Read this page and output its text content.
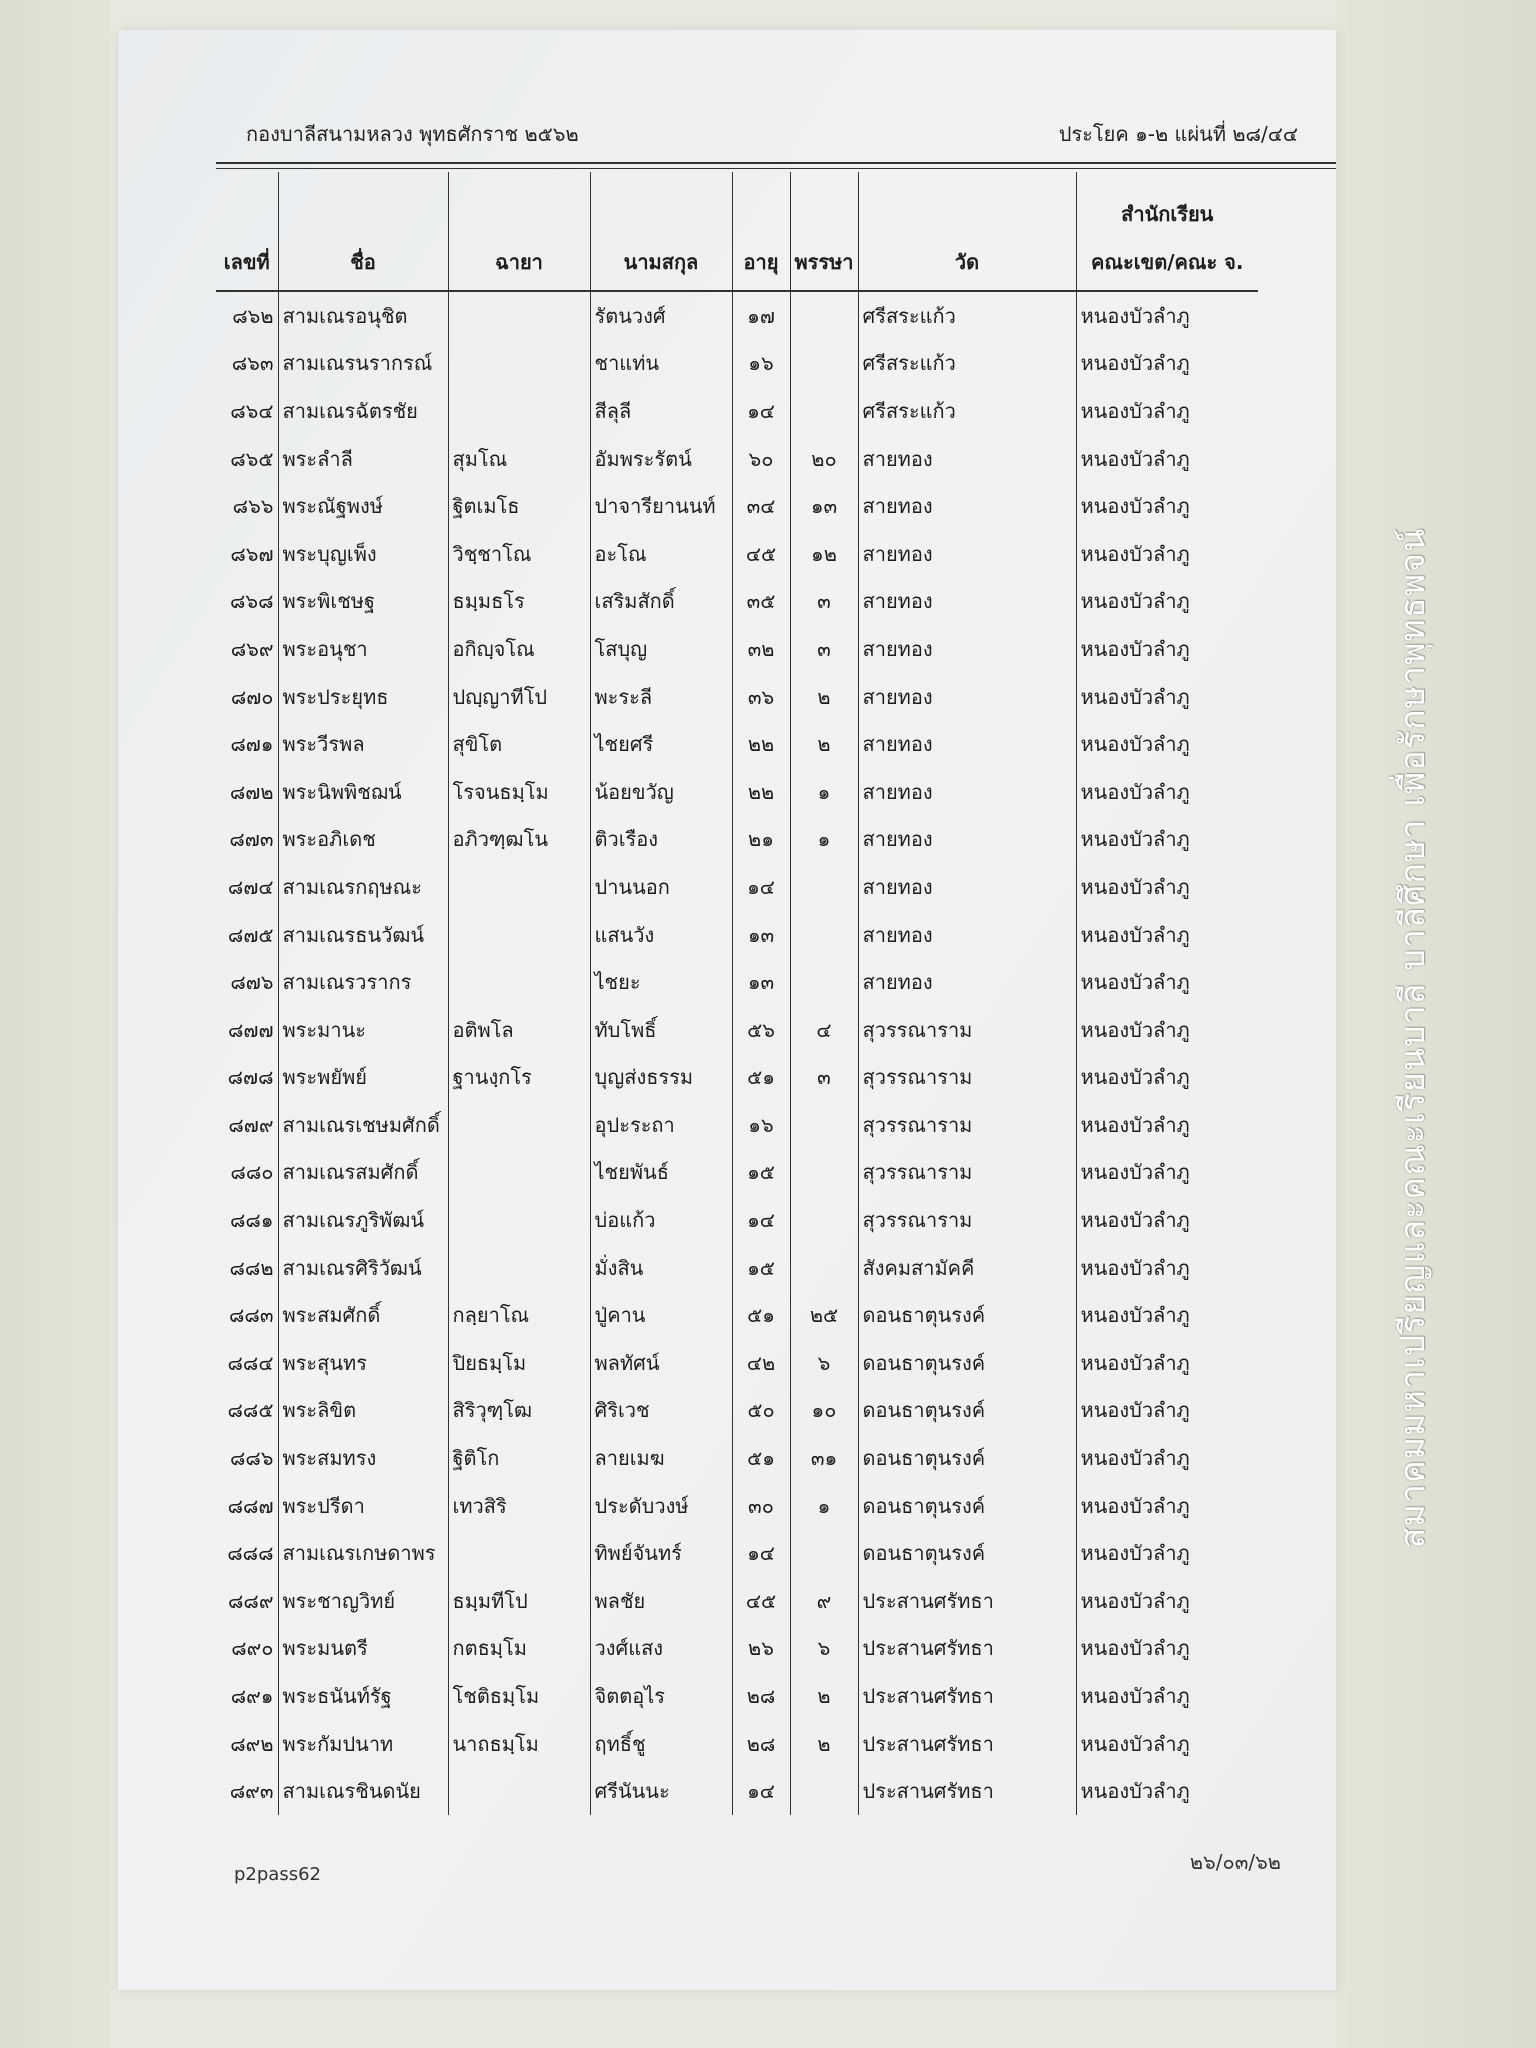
กองบาลีสนามหลวง พุทธศักราช ๒๕๖๒	ประโยค ๑-๒ แผ่นที่ ๒๘/๔๔
เลขที่	ชื่อ	ฉายา	นามสกุล	อายุ	พรรษา	วัด	สำนักเรียน
คณะเขต/คณะ จ.
๘๖๒	สามเณรอนุชิต		รัตนวงศ์	๑๗		ศรีสระแก้ว	หนองบัวลำภู
๘๖๓	สามเณรนรากรณ์		ชาแท่น	๑๖		ศรีสระแก้ว	หนองบัวลำภู
๘๖๔	สามเณรฉัตรชัย		สีลุลี	๑๔		ศรีสระแก้ว	หนองบัวลำภู
๘๖๕	พระลำลี	สุมโณ	อัมพระรัตน์	๖๐	๒๐	สายทอง	หนองบัวลำภู
๘๖๖	พระณัฐพงษ์	ฐิตเมโธ	ปาจารียานนท์	๓๔	๑๓	สายทอง	หนองบัวลำภู
๘๖๗	พระบุญเพ็ง	วิชฺชาโณ	อะโณ	๔๕	๑๒	สายทอง	หนองบัวลำภู
๘๖๘	พระพิเชษฐ	ธมฺมธโร	เสริมสักดิ์	๓๕	๓	สายทอง	หนองบัวลำภู
๘๖๙	พระอนุชา	อกิญฺจโณ	โสบุญ	๓๒	๓	สายทอง	หนองบัวลำภู
๘๗๐	พระประยุทธ	ปญฺญาทีโป	พะระลี	๓๖	๒	สายทอง	หนองบัวลำภู
๘๗๑	พระวีรพล	สุขิโต	ไชยศรี	๒๒	๒	สายทอง	หนองบัวลำภู
๘๗๒	พระนิพพิชฌน์	โรจนธมฺโม	น้อยขวัญ	๒๒	๑	สายทอง	หนองบัวลำภู
๘๗๓	พระอภิเดช	อภิวฑฺฒโน	ติวเรือง	๒๑	๑	สายทอง	หนองบัวลำภู
๘๗๔	สามเณรกฤษณะ		ปานนอก	๑๔		สายทอง	หนองบัวลำภู
๘๗๕	สามเณรธนวัฒน์		แสนวัง	๑๓		สายทอง	หนองบัวลำภู
๘๗๖	สามเณรวรากร		ไชยะ	๑๓		สายทอง	หนองบัวลำภู
๘๗๗	พระมานะ	อติพโล	ทับโพธิ์	๕๖	๔	สุวรรณาราม	หนองบัวลำภู
๘๗๘	พระพยัพย์	ฐานงฺกโร	บุญส่งธรรม	๕๑	๓	สุวรรณาราม	หนองบัวลำภู
๘๗๙	สามเณรเชษมศักดิ์		อุปะระถา	๑๖		สุวรรณาราม	หนองบัวลำภู
๘๘๐	สามเณรสมศักดิ์		ไชยพันธ์	๑๕		สุวรรณาราม	หนองบัวลำภู
๘๘๑	สามเณรภูริพัฒน์		บ่อแก้ว	๑๔		สุวรรณาราม	หนองบัวลำภู
๘๘๒	สามเณรศิริวัฒน์		มั่งสิน	๑๕		สังคมสามัคคี	หนองบัวลำภู
๘๘๓	พระสมศักดิ์	กลฺยาโณ	ปู่คาน	๕๑	๒๕	ดอนธาตุนรงค์	หนองบัวลำภู
๘๘๔	พระสุนทร	ปิยธมฺโม	พลทัศน์	๔๒	๖	ดอนธาตุนรงค์	หนองบัวลำภู
๘๘๕	พระลิขิต	สิริวุฑฺโฒ	ศิริเวช	๕๐	๑๐	ดอนธาตุนรงค์	หนองบัวลำภู
๘๘๖	พระสมทรง	ฐิติโก	ลายเมฆ	๕๑	๓๑	ดอนธาตุนรงค์	หนองบัวลำภู
๘๘๗	พระปรีดา	เทวสิริ	ประดับวงษ์	๓๐	๑	ดอนธาตุนรงค์	หนองบัวลำภู
๘๘๘	สามเณรเกษดาพร		ทิพย์จันทร์	๑๔		ดอนธาตุนรงค์	หนองบัวลำภู
๘๘๙	พระชาญวิทย์	ธมฺมทีโป	พลชัย	๔๕	๙	ประสานศรัทธา	หนองบัวลำภู
๘๙๐	พระมนตรี	กตธมฺโม	วงศ์แสง	๒๖	๖	ประสานศรัทธา	หนองบัวลำภู
๘๙๑	พระธนันท์รัฐ	โชติธมฺโม	จิตตอุไร	๒๘	๒	ประสานศรัทธา	หนองบัวลำภู
๘๙๒	พระกัมปนาท	นาถธมฺโม	ฤทธิ์ชู	๒๘	๒	ประสานศรัทธา	หนองบัวลำภู
๘๙๓	สามเณรชินดนัย		ศรีนันนะ	๑๔		ประสานศรัทธา	หนองบัวลำภู
p2pass62
๒๖/๐๓/๖๒
สมาคมมหาเปรียญและคณะเรียนบาลี บาลีศึกษา เพื่อรักษาพุทธพจน์
